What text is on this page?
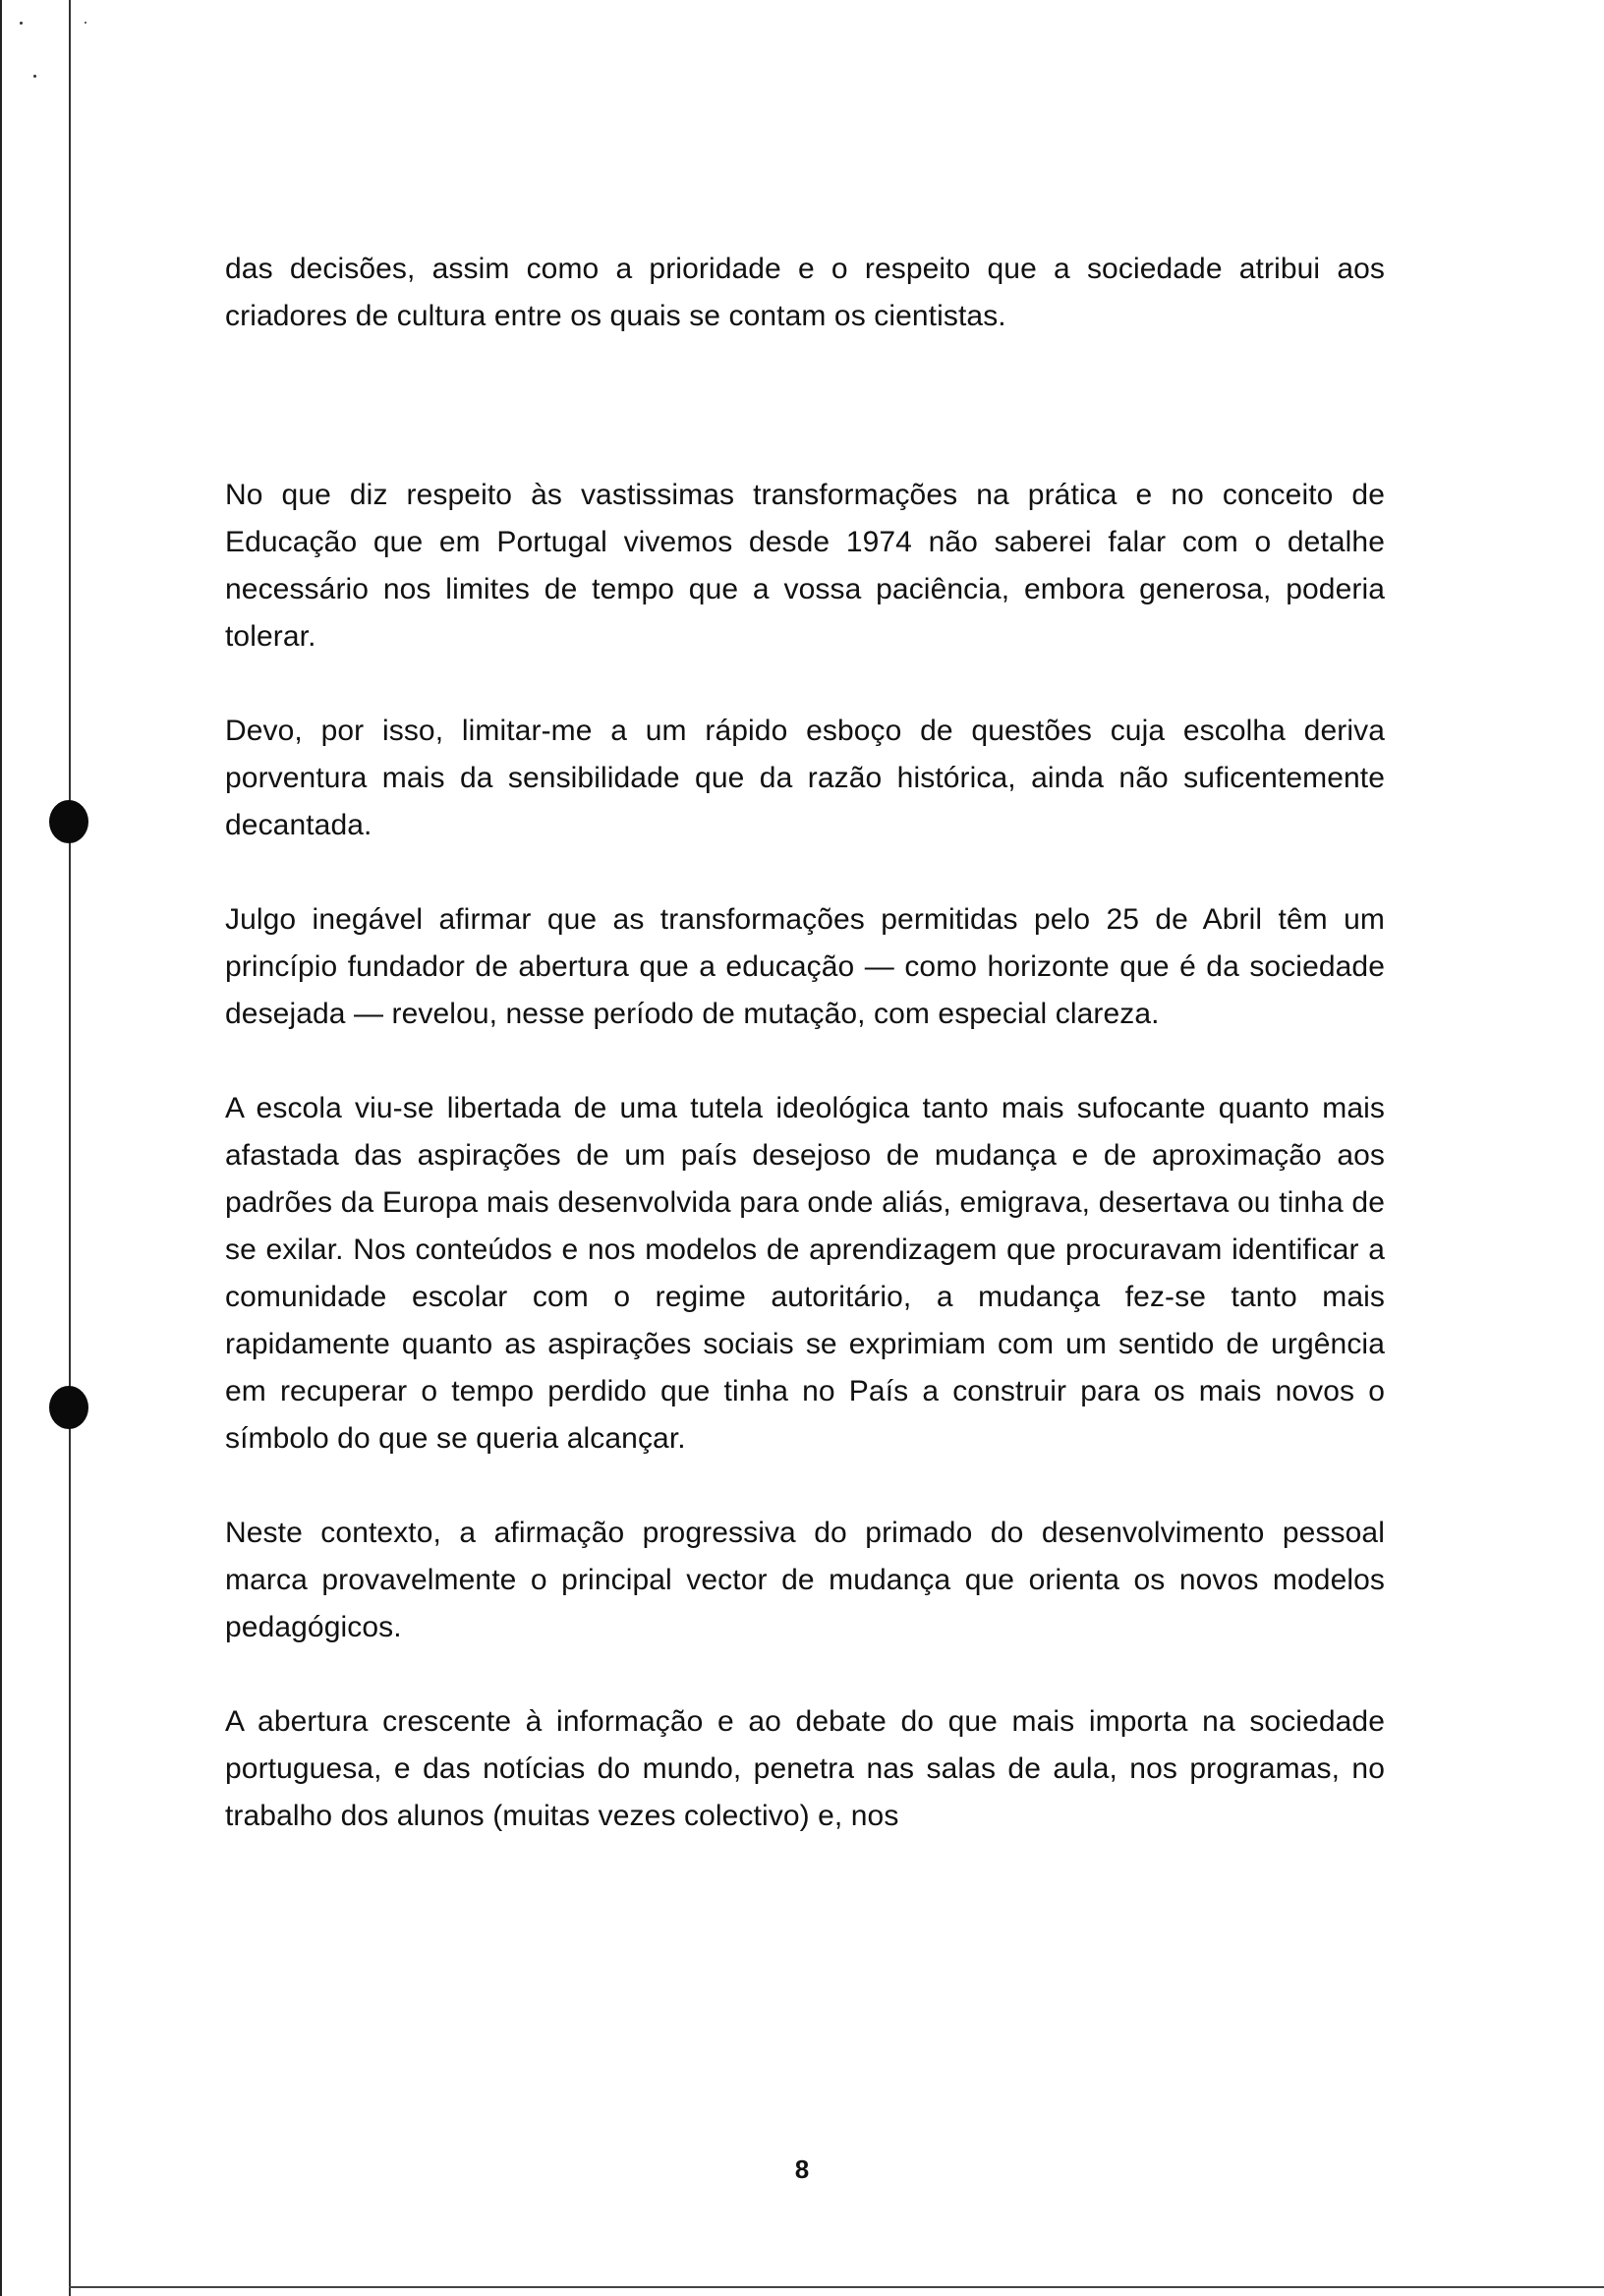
das decisões, assim como a prioridade e o respeito que a sociedade atribui aos criadores de cultura entre os quais se contam os cientistas.

No que diz respeito às vastissimas transformações na prática e no conceito de Educação que em Portugal vivemos desde 1974 não saberei falar com o detalhe necessário nos limites de tempo que a vossa paciência, embora generosa, poderia tolerar.

Devo, por isso, limitar-me a um rápido esboço de questões cuja escolha deriva porventura mais da sensibilidade que da razão histórica, ainda não suficentemente decantada.

Julgo inegável afirmar que as transformações permitidas pelo 25 de Abril têm um princípio fundador de abertura que a educação — como horizonte que é da sociedade desejada — revelou, nesse período de mutação, com especial clareza.

A escola viu-se libertada de uma tutela ideológica tanto mais sufocante quanto mais afastada das aspirações de um país desejoso de mudança e de aproximação aos padrões da Europa mais desenvolvida para onde aliás, emigrava, desertava ou tinha de se exilar. Nos conteúdos e nos modelos de aprendizagem que procuravam identificar a comunidade escolar com o regime autoritário, a mudança fez-se tanto mais rapidamente quanto as aspirações sociais se exprimiam com um sentido de urgência em recuperar o tempo perdido que tinha no País a construir para os mais novos o símbolo do que se queria alcançar.

Neste contexto, a afirmação progressiva do primado do desenvolvimento pessoal marca provavelmente o principal vector de mudança que orienta os novos modelos pedagógicos.

A abertura crescente à informação e ao debate do que mais importa na sociedade portuguesa, e das notícias do mundo, penetra nas salas de aula, nos programas, no trabalho dos alunos (muitas vezes colectivo) e, nos

8
